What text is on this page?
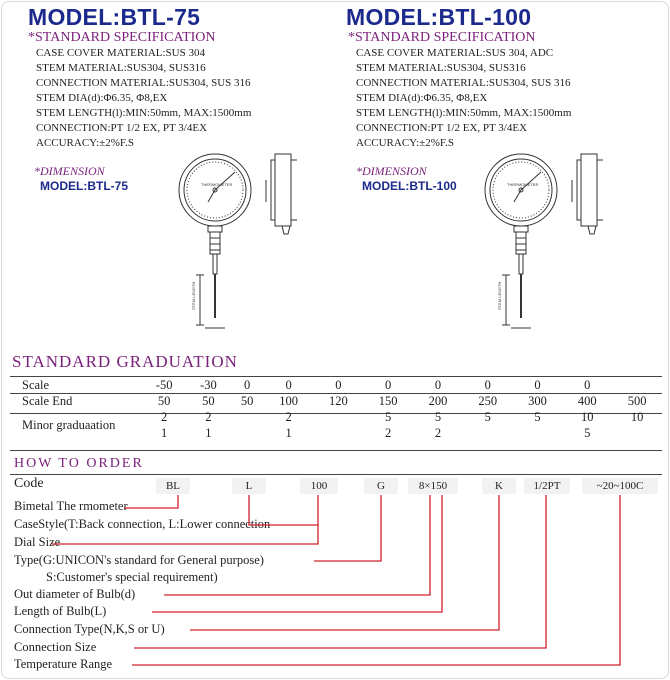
MODEL:BTL-75
*STANDARD SPECIFICATION
CASE COVER MATERIAL:SUS 304
STEM MATERIAL:SUS304, SUS316
CONNECTION MATERIAL:SUS304, SUS 316
STEM DIA(d):Φ6.35, Φ8,EX
STEM LENGTH(l):MIN:50mm, MAX:1500mm
CONNECTION:PT 1/2 EX, PT 3/4EX
ACCURACY:±2%F.S
*DIMENSION
MODEL:BTL-75	THERMOMETER
STEM LENGTH
MODEL:BTL-100
*STANDARD SPECIFICATION
CASE COVER MATERIAL:SUS 304, ADC
STEM MATERIAL:SUS304, SUS316
CONNECTION MATERIAL:SUS304, SUS 316
STEM DIA(d):Φ6.35, Φ8,EX
STEM LENGTH(l):MIN:50mm, MAX:1500mm
CONNECTION:PT 1/2 EX, PT 3/4EX
ACCURACY:±2%F.S
*DIMENSION
MODEL:BTL-100	THERMOMETER
STEM LENGTH
STANDARD GRADUATION
Scale	-50	-30	0	0	0	0	0	0	0	0	
Scale End	50	50	50	100	120	150	200	250	300	400	500
Minor graduaation	2	2		2		5	5	5	5	10	10
	1	1		1		2	2			5	
HOW TO ORDER
Code	BL	L	100	G	8×150	K	1/2PT	~20~100C
Bimetal The rmometer
CaseStyle(T:Back connection, L:Lower connection
Dial Size
Type(G:UNICON's standard for General purpose)
S:Customer's special requirement)
Out diameter of Bulb(d)
Length of Bulb(L)
Connection Type(N,K,S or U)
Connection Size
Temperature Range
